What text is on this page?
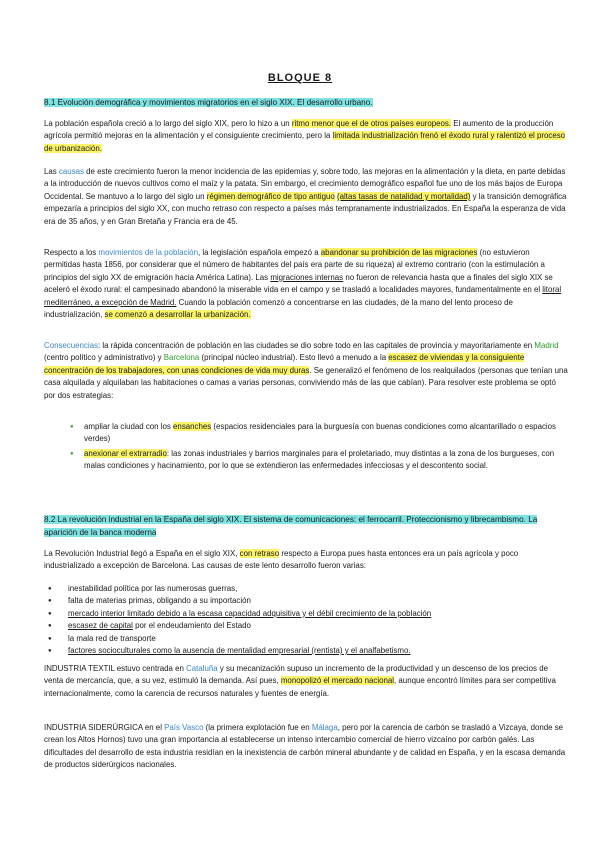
BLOQUE 8
8.1 Evolución demográfica y movimientos migratorios en el siglo XIX. El desarrollo urbano.
La población española creció a lo largo del siglo XIX, pero lo hizo a un ritmo menor que el de otros países europeos. El aumento de la producción agrícola permitió mejoras en la alimentación y el consiguiente crecimiento, pero la limitada industrialización frenó el éxodo rural y ralentizó el proceso de urbanización.
Las causas de este crecimiento fueron la menor incidencia de las epidemias y, sobre todo, las mejoras en la alimentación y la dieta, en parte debidas a la introducción de nuevos cultivos como el maíz y la patata. Sin embargo, el crecimiento demográfico español fue uno de los más bajos de Europa Occidental. Se mantuvo a lo largo del siglo un régimen demográfico de tipo antiguo (altas tasas de natalidad y mortalidad) y la transición demográfica empezaría a principios del siglo XX, con mucho retraso con respecto a países más tempranamente industrializados. En España la esperanza de vida era de 35 años, y en Gran Bretaña y Francia era de 45.
Respecto a los movimientos de la población, la legislación española empezó a abandonar su prohibición de las migraciones (no estuvieron permitidas hasta 1856, por considerar que el número de habitantes del país era parte de su riqueza) al extremo contrario (con la estimulación a principios del siglo XX de emigración hacia América Latina). Las migraciones internas no fueron de relevancia hasta que a finales del siglo XIX se aceleró el éxodo rural: el campesinado abandonó la miserable vida en el campo y se trasladó a localidades mayores, fundamentalmente en el litoral mediterráneo, a excepción de Madrid. Cuando la población comenzó a concentrarse en las ciudades, de la mano del lento proceso de industrialización, se comenzó a desarrollar la urbanización.
Consecuencias: la rápida concentración de población en las ciudades se dio sobre todo en las capitales de provincia y mayoritariamente en Madrid (centro político y administrativo) y Barcelona (principal núcleo industrial). Esto llevó a menudo a la escasez de viviendas y la consiguiente concentración de los trabajadores, con unas condiciones de vida muy duras. Se generalizó el fenómeno de los realquilados (personas que tenían una casa alquilada y alquilaban las habitaciones o camas a varias personas, conviviendo más de las que cabían). Para resolver este problema se optó por dos estrategias:
● ampliar la ciudad con los ensanches (espacios residenciales para la burguesía con buenas condiciones como alcantarillado o espacios verdes)
● anexionar el extrarradio: las zonas industriales y barrios marginales para el proletariado, muy distintas a la zona de los burgueses, con malas condiciones y hacinamiento, por lo que se extendieron las enfermedades infecciosas y el descontento social.
8.2 La revolución industrial en la España del siglo XIX. El sistema de comunicaciones: el ferrocarril. Proteccionismo y librecambismo. La aparición de la banca moderna
La Revolución Industrial llegó a España en el siglo XIX, con retraso respecto a Europa pues hasta entonces era un país agrícola y poco industrializado a excepción de Barcelona. Las causas de este lento desarrollo fueron varias:
● inestabilidad política por las numerosas guerras,
● falta de materias primas, obligando a su importación
● mercado interior limitado debido a la escasa capacidad adquisitiva y el débil crecimiento de la población
● escasez de capital por el endeudamiento del Estado
● la mala red de transporte
● factores socioculturales como la ausencia de mentalidad empresarial (rentista) y el analfabetismo.
INDUSTRIA TEXTIL estuvo centrada en Cataluña y su mecanización supuso un incremento de la productividad y un descenso de los precios de venta de mercancía, que, a su vez, estimuló la demanda. Así pues, monopolizó el mercado nacional, aunque encontró límites para ser competitiva internacionalmente, como la carencia de recursos naturales y fuentes de energía.
INDUSTRIA SIDERÚRGICA en el País Vasco (la primera explotación fue en Málaga, pero por la carencia de carbón se trasladó a Vizcaya, donde se crean los Altos Hornos) tuvo una gran importancia al establecerse un intenso intercambio comercial de hierro vizcaíno por carbón galés. Las dificultades del desarrollo de esta industria residían en la inexistencia de carbón mineral abundante y de calidad en España, y en la escasa demanda de productos siderúrgicos nacionales.
